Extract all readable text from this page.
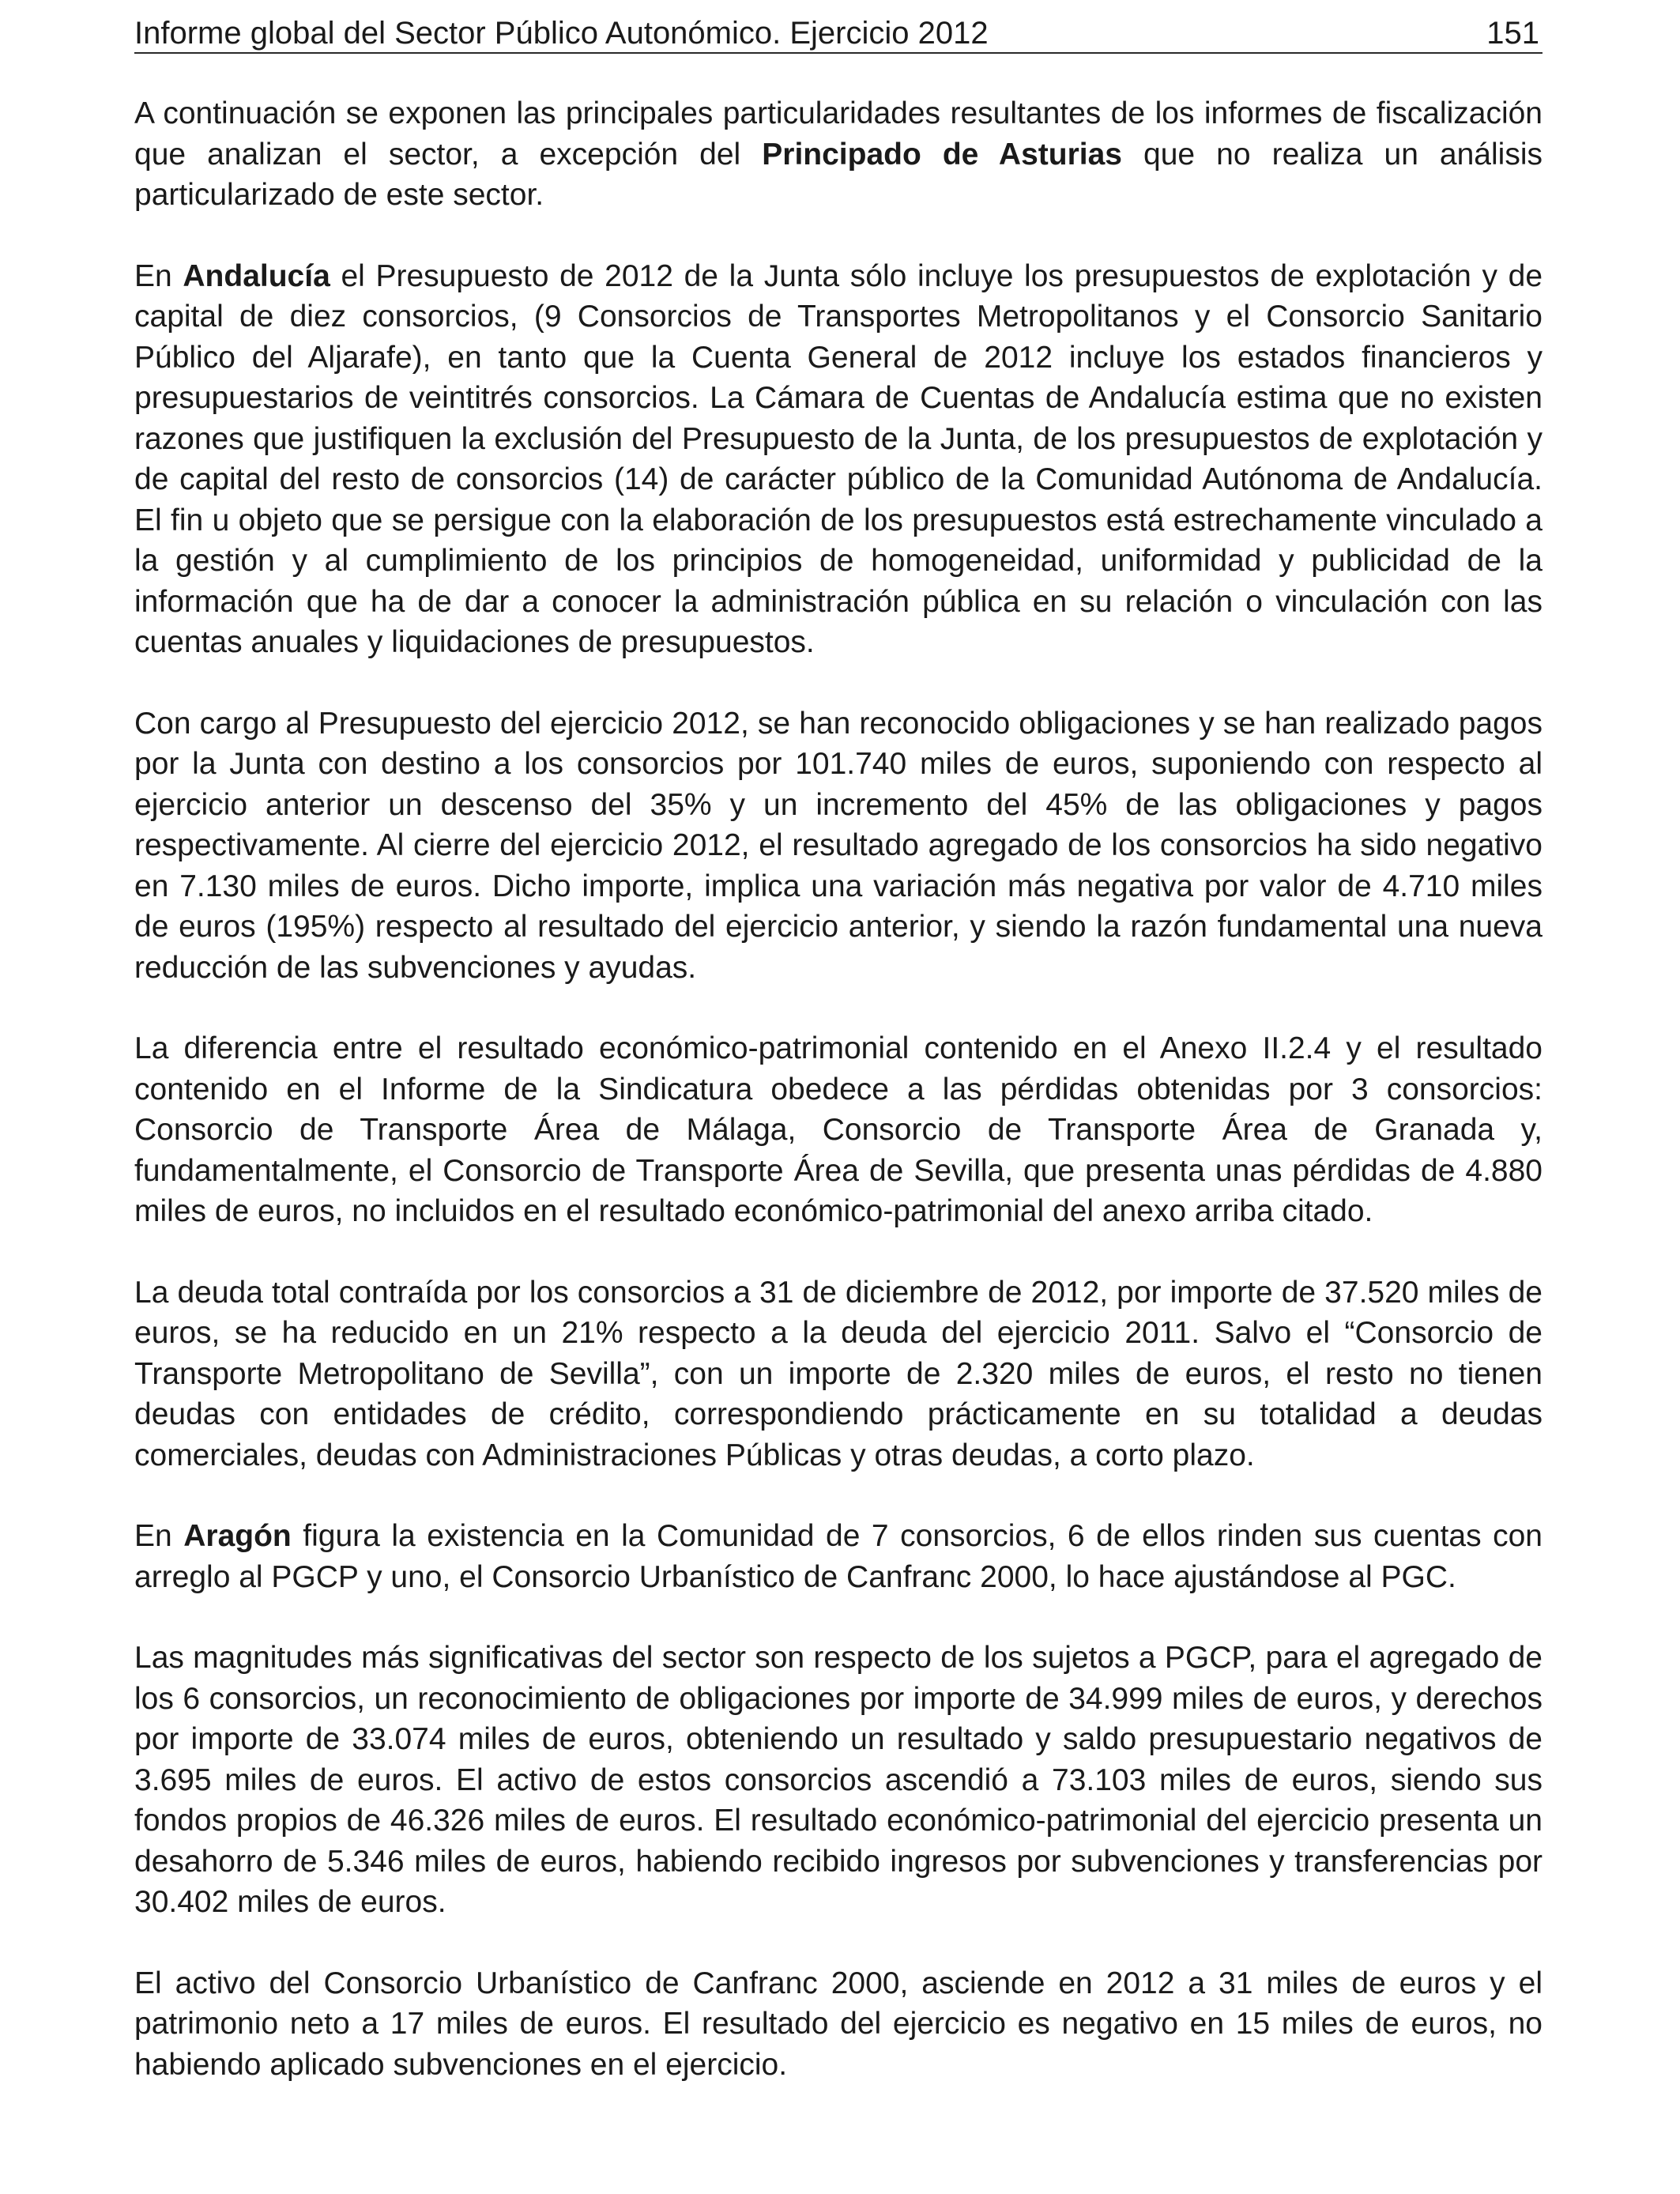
Informe global del Sector Público Autonómico. Ejercicio 2012	151

A continuación se exponen las principales particularidades resultantes de los informes de fiscalización que analizan el sector, a excepción del Principado de Asturias que no realiza un análisis particularizado de este sector.

En Andalucía el Presupuesto de 2012 de la Junta sólo incluye los presupuestos de explotación y de capital de diez consorcios, (9 Consorcios de Transportes Metropolitanos y el Consorcio Sanitario Público del Aljarafe), en tanto que la Cuenta General de 2012 incluye los estados financieros y presupuestarios de veintitrés consorcios. La Cámara de Cuentas de Andalucía estima que no existen razones que justifiquen la exclusión del Presupuesto de la Junta, de los presupuestos de explotación y de capital del resto de consorcios (14) de carácter público de la Comunidad Autónoma de Andalucía. El fin u objeto que se persigue con la elaboración de los presupuestos está estrechamente vinculado a la gestión y al cumplimiento de los principios de homogeneidad, uniformidad y publicidad de la información que ha de dar a conocer la administración pública en su relación o vinculación con las cuentas anuales y liquidaciones de presupuestos.

Con cargo al Presupuesto del ejercicio 2012, se han reconocido obligaciones y se han realizado pagos por la Junta con destino a los consorcios por 101.740 miles de euros, suponiendo con respecto al ejercicio anterior un descenso del 35% y un incremento del 45% de las obligaciones y pagos respectivamente. Al cierre del ejercicio 2012, el resultado agregado de los consorcios ha sido negativo en 7.130 miles de euros. Dicho importe, implica una variación más negativa por valor de 4.710 miles de euros (195%) respecto al resultado del ejercicio anterior, y siendo la razón fundamental una nueva reducción de las subvenciones y ayudas.

La diferencia entre el resultado económico-patrimonial contenido en el Anexo II.2.4 y el resultado contenido en el Informe de la Sindicatura obedece a las pérdidas obtenidas por 3 consorcios: Consorcio de Transporte Área de Málaga, Consorcio de Transporte Área de Granada y, fundamentalmente, el Consorcio de Transporte Área de Sevilla, que presenta unas pérdidas de 4.880 miles de euros, no incluidos en el resultado económico-patrimonial del anexo arriba citado.

La deuda total contraída por los consorcios a 31 de diciembre de 2012, por importe de 37.520 miles de euros, se ha reducido en un 21% respecto a la deuda del ejercicio 2011. Salvo el “Consorcio de Transporte Metropolitano de Sevilla”, con un importe de 2.320 miles de euros, el resto no tienen deudas con entidades de crédito, correspondiendo prácticamente en su totalidad a deudas comerciales, deudas con Administraciones Públicas y otras deudas, a corto plazo.

En Aragón figura la existencia en la Comunidad de 7 consorcios, 6 de ellos rinden sus cuentas con arreglo al PGCP y uno, el Consorcio Urbanístico de Canfranc 2000, lo hace ajustándose al PGC.

Las magnitudes más significativas del sector son respecto de los sujetos a PGCP, para el agregado de los 6 consorcios, un reconocimiento de obligaciones por importe de 34.999 miles de euros, y derechos por importe de 33.074 miles de euros, obteniendo un resultado y saldo presupuestario negativos de 3.695 miles de euros. El activo de estos consorcios ascendió a 73.103 miles de euros, siendo sus fondos propios de 46.326 miles de euros. El resultado económico-patrimonial del ejercicio presenta un desahorro de 5.346 miles de euros, habiendo recibido ingresos por subvenciones y transferencias por 30.402 miles de euros.

El activo del Consorcio Urbanístico de Canfranc 2000, asciende en 2012 a 31 miles de euros y el patrimonio neto a 17 miles de euros. El resultado del ejercicio es negativo en 15 miles de euros, no habiendo aplicado subvenciones en el ejercicio.
